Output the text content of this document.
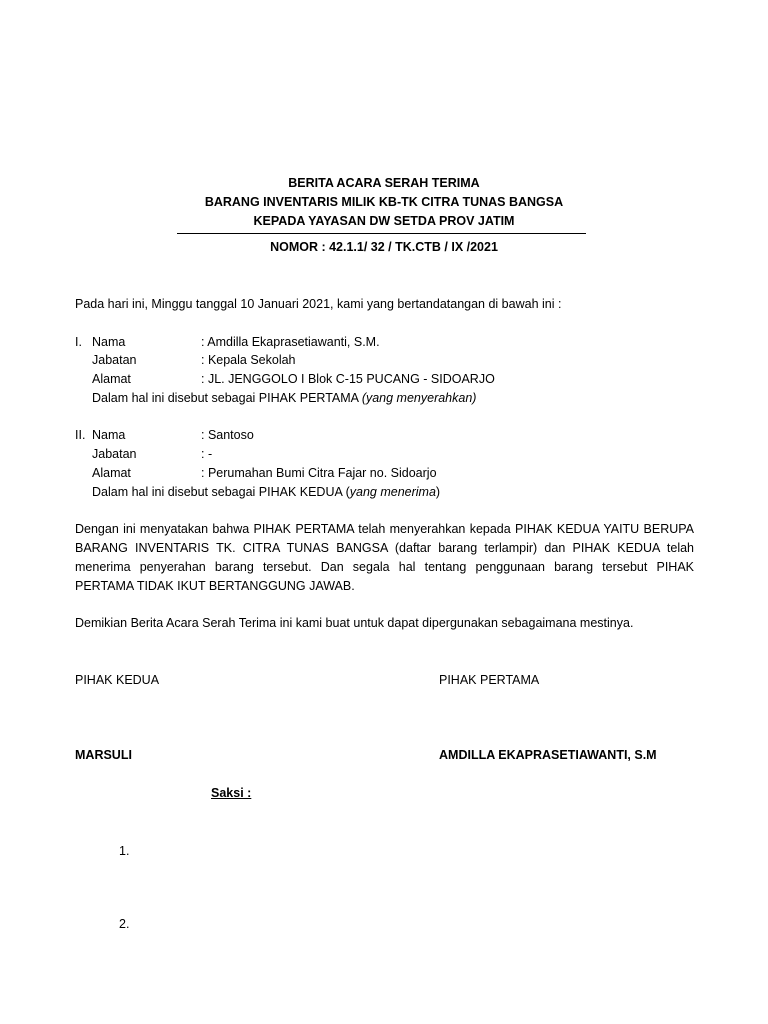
BERITA ACARA SERAH TERIMA
BARANG INVENTARIS MILIK KB-TK CITRA TUNAS BANGSA
KEPADA YAYASAN DW SETDA PROV JATIM
NOMOR : 42.1.1/ 32 / TK.CTB / IX /2021
Pada hari ini, Minggu tanggal 10 Januari 2021, kami yang bertandatangan di bawah ini :
I. Nama	: Amdilla Ekaprasetiawanti, S.M.
Jabatan	: Kepala Sekolah
Alamat	: JL. JENGGOLO I Blok C-15 PUCANG - SIDOARJO
Dalam hal ini disebut sebagai PIHAK PERTAMA (yang menyerahkan)
II. Nama	: Santoso
Jabatan	: -
Alamat	: Perumahan Bumi Citra Fajar no. Sidoarjo
Dalam hal ini disebut sebagai PIHAK KEDUA (yang menerima)
Dengan ini menyatakan bahwa PIHAK PERTAMA telah menyerahkan kepada PIHAK KEDUA YAITU BERUPA BARANG INVENTARIS TK. CITRA TUNAS BANGSA (daftar barang terlampir) dan PIHAK KEDUA telah menerima penyerahan barang tersebut. Dan segala hal tentang penggunaan barang tersebut PIHAK PERTAMA TIDAK IKUT BERTANGGUNG JAWAB.
Demikian Berita Acara Serah Terima ini kami buat untuk dapat dipergunakan sebagaimana mestinya.
PIHAK KEDUA	PIHAK PERTAMA
MARSULI	AMDILLA EKAPRASETIAWANTI, S.M
Saksi :
1.
2.
